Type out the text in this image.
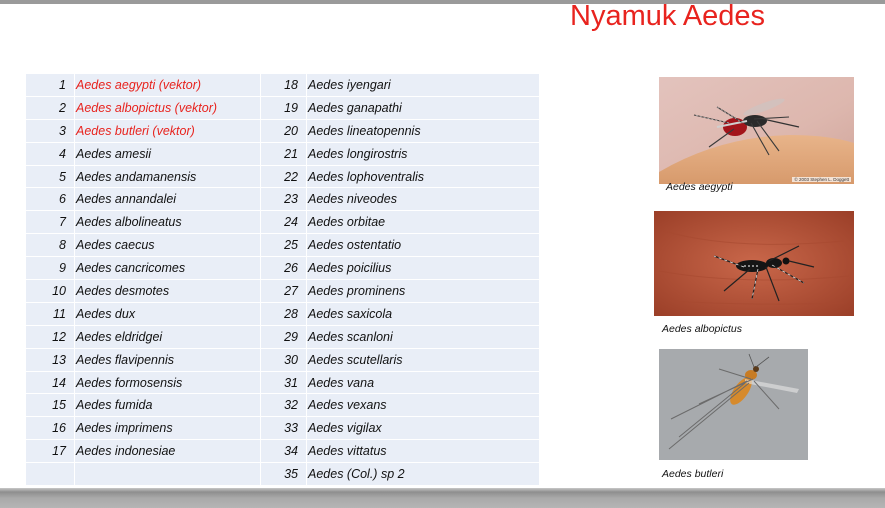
Nyamuk Aedes
1	Aedes aegypti (vektor)	18	Aedes iyengari
2	Aedes albopictus (vektor)	19	Aedes ganapathi
3	Aedes butleri (vektor)	20	Aedes lineatopennis
4	Aedes amesii	21	Aedes longirostris
5	Aedes andamanensis	22	Aedes lophoventralis
6	Aedes annandalei	23	Aedes niveodes
7	Aedes albolineatus	24	Aedes orbitae
8	Aedes caecus	25	Aedes ostentatio
9	Aedes cancricomes	26	Aedes poicilius
10	Aedes desmotes	27	Aedes prominens
11	Aedes dux	28	Aedes saxicola
12	Aedes eldridgei	29	Aedes scanloni
13	Aedes flavipennis	30	Aedes scutellaris
14	Aedes formosensis	31	Aedes vana
15	Aedes fumida	32	Aedes vexans
16	Aedes imprimens	33	Aedes vigilax
17	Aedes indonesiae	34	Aedes vittatus
		35	Aedes (Col.) sp 2
© 2003 Stephen L. Doggett
Aedes aegypti
Aedes albopictus
Aedes butleri
